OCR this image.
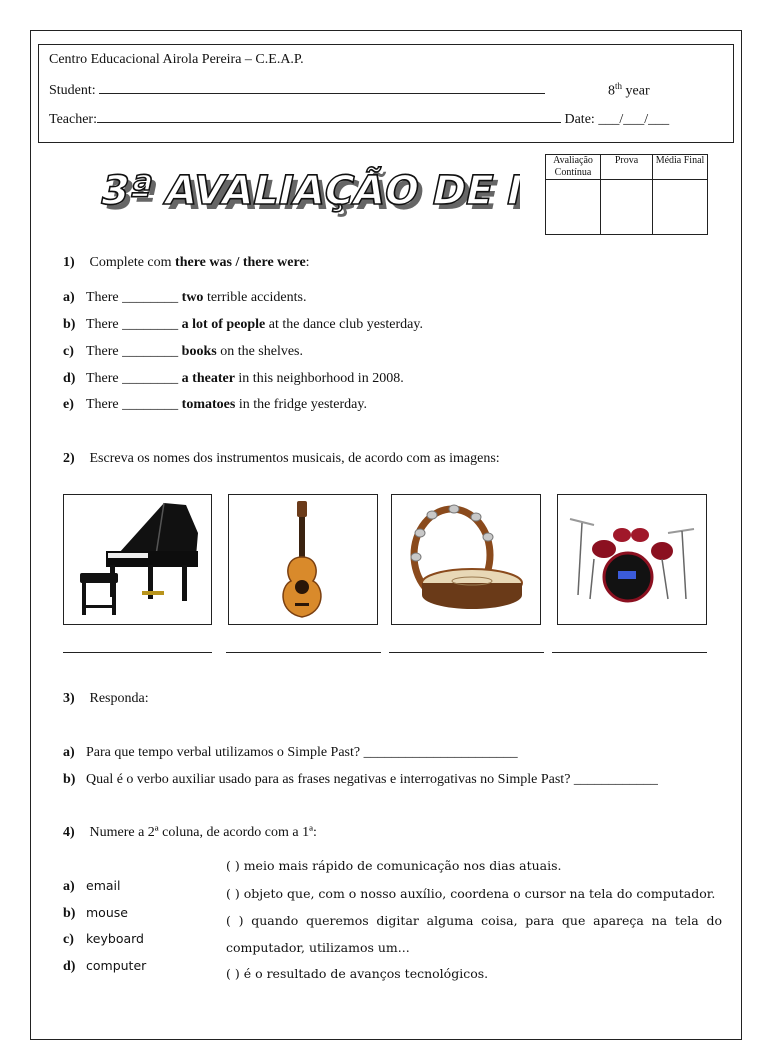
Centro Educacional Airola Pereira – C.E.A.P.
Student:	8th year
Teacher:	Date: ___/___/___
3ª AVALIAÇÃO DE INGLÊS
3ª AVALIAÇÃO DE INGLÊS
Avaliação Contínua	Prova	Média Final

1) Complete com there was / there were:
a) There ________ two terrible accidents.
b) There ________ a lot of people at the dance club yesterday.
c) There ________ books on the shelves.
d) There ________ a theater in this neighborhood in 2008.
e) There ________ tomatoes in the fridge yesterday.
2) Escreva os nomes dos instrumentos musicais, de acordo com as imagens:
3) Responda:
a) Para que tempo verbal utilizamos o Simple Past? ______________________
b) Qual é o verbo auxiliar usado para as frases negativas e interrogativas no Simple Past? ____________
4) Numere a 2ª coluna, de acordo com a 1ª:
a) email
b) mouse
c) keyboard
d) computer
( ) meio mais rápido de comunicação nos dias atuais.
( ) objeto que, com o nosso auxílio, coordena o cursor na tela do computador.
( ) quando queremos digitar alguma coisa, para que apareça na tela do computador, utilizamos um...
( ) é o resultado de avanços tecnológicos.
